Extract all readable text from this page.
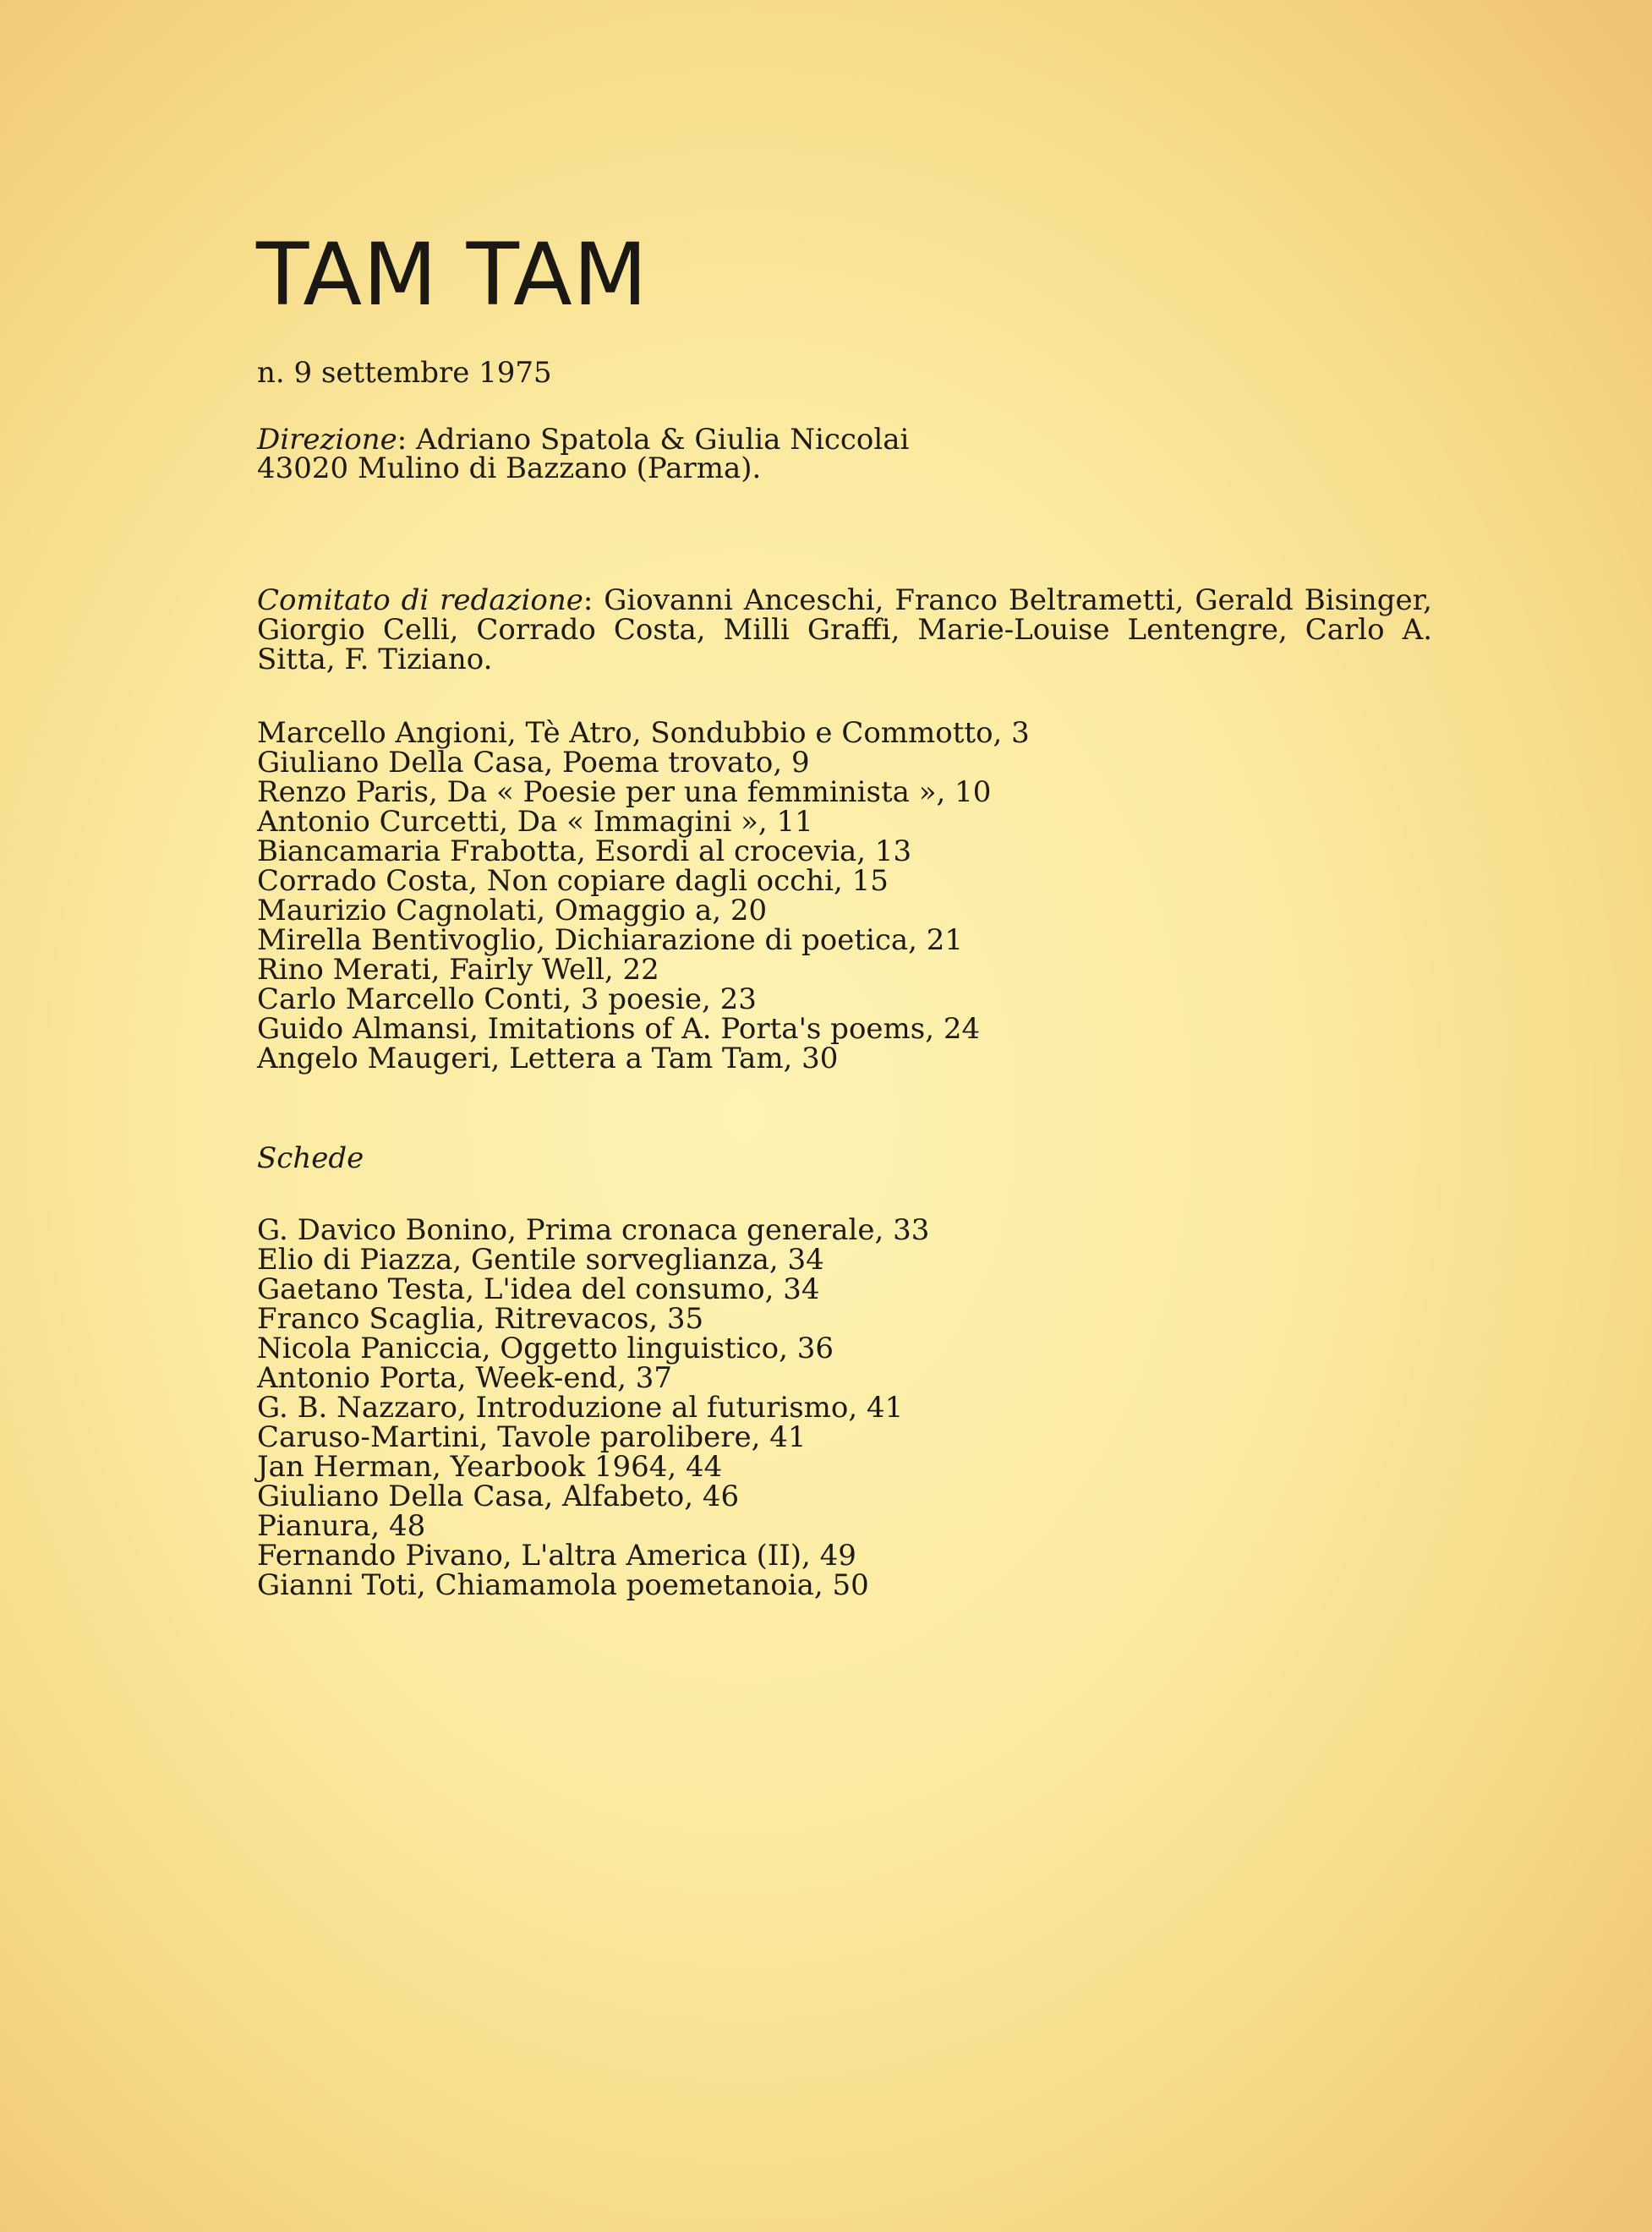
TAM TAM
n. 9 settembre 1975
Direzione: Adriano Spatola & Giulia Niccolai
43020 Mulino di Bazzano (Parma).
Comitato di redazione: Giovanni Anceschi, Franco Beltrametti, Gerald Bisinger, Giorgio Celli, Corrado Costa, Milli Graffi, Marie-Louise Lentengre, Carlo A. Sitta, F. Tiziano.
Marcello Angioni, Tè Atro, Sondubbio e Commotto, 3
Giuliano Della Casa, Poema trovato, 9
Renzo Paris, Da « Poesie per una femminista », 10
Antonio Curcetti, Da « Immagini », 11
Biancamaria Frabotta, Esordi al crocevia, 13
Corrado Costa, Non copiare dagli occhi, 15
Maurizio Cagnolati, Omaggio a, 20
Mirella Bentivoglio, Dichiarazione di poetica, 21
Rino Merati, Fairly Well, 22
Carlo Marcello Conti, 3 poesie, 23
Guido Almansi, Imitations of A. Porta's poems, 24
Angelo Maugeri, Lettera a Tam Tam, 30
Schede
G. Davico Bonino, Prima cronaca generale, 33
Elio di Piazza, Gentile sorveglianza, 34
Gaetano Testa, L'idea del consumo, 34
Franco Scaglia, Ritrevacos, 35
Nicola Paniccia, Oggetto linguistico, 36
Antonio Porta, Week-end, 37
G. B. Nazzaro, Introduzione al futurismo, 41
Caruso-Martini, Tavole parolibere, 41
Jan Herman, Yearbook 1964, 44
Giuliano Della Casa, Alfabeto, 46
Pianura, 48
Fernando Pivano, L'altra America (II), 49
Gianni Toti, Chiamamola poemetanoia, 50
